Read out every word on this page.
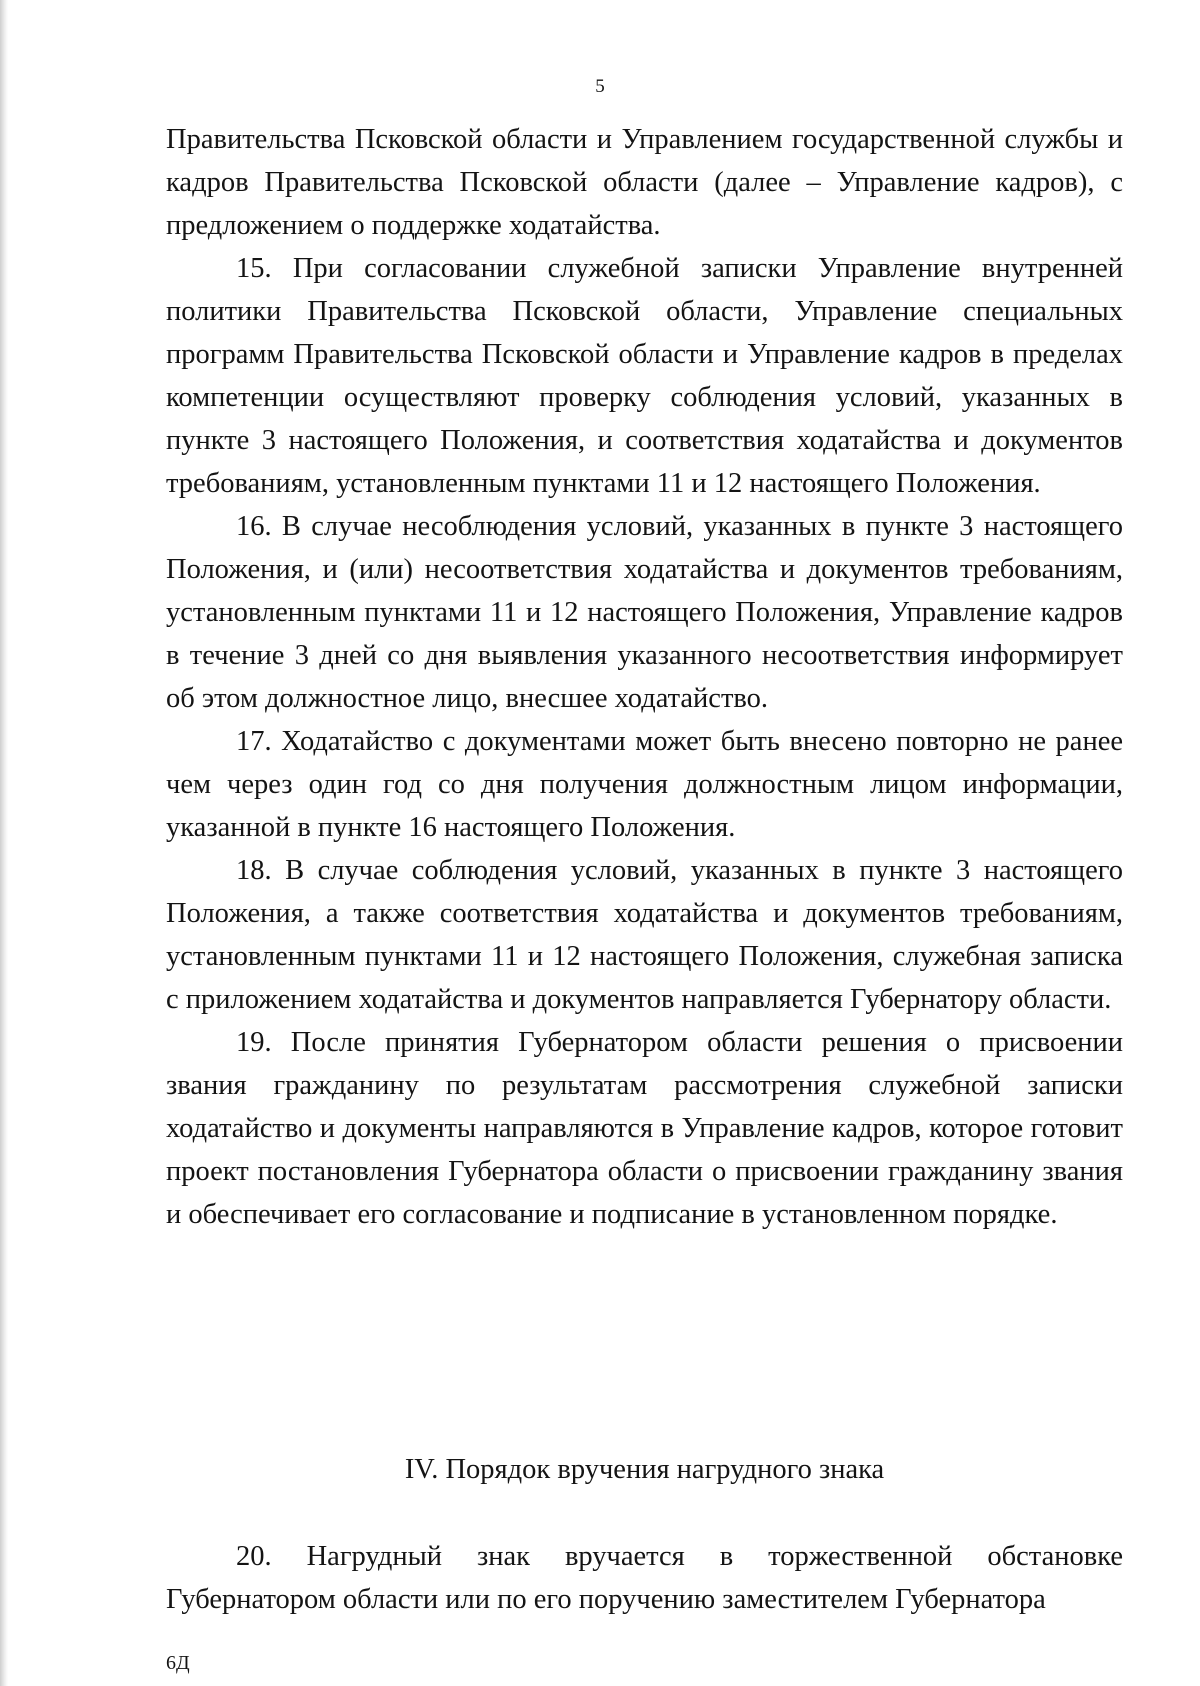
5

Правительства Псковской области и Управлением государственной службы и кадров Правительства Псковской области (далее – Управление кадров), с предложением о поддержке ходатайства.

15. При согласовании служебной записки Управление внутренней политики Правительства Псковской области, Управление специальных программ Правительства Псковской области и Управление кадров в пределах компетенции осуществляют проверку соблюдения условий, указанных в пункте 3 настоящего Положения, и соответствия ходатайства и документов требованиям, установленным пунктами 11 и 12 настоящего Положения.

16. В случае несоблюдения условий, указанных в пункте 3 настоящего Положения, и (или) несоответствия ходатайства и документов требованиям, установленным пунктами 11 и 12 настоящего Положения, Управление кадров в течение 3 дней со дня выявления указанного несоответствия информирует об этом должностное лицо, внесшее ходатайство.

17. Ходатайство с документами может быть внесено повторно не ранее чем через один год со дня получения должностным лицом информации, указанной в пункте 16 настоящего Положения.

18. В случае соблюдения условий, указанных в пункте 3 настоящего Положения, а также соответствия ходатайства и документов требованиям, установленным пунктами 11 и 12 настоящего Положения, служебная записка с приложением ходатайства и документов направляется Губернатору области.

19. После принятия Губернатором области решения о присвоении звания гражданину по результатам рассмотрения служебной записки ходатайство и документы направляются в Управление кадров, которое готовит проект постановления Губернатора области о присвоении гражданину звания и обеспечивает его согласование и подписание в установленном порядке.

IV. Порядок вручения нагрудного знака

20. Нагрудный знак вручается в торжественной обстановке Губернатором области или по его поручению заместителем Губернатора

6Д
